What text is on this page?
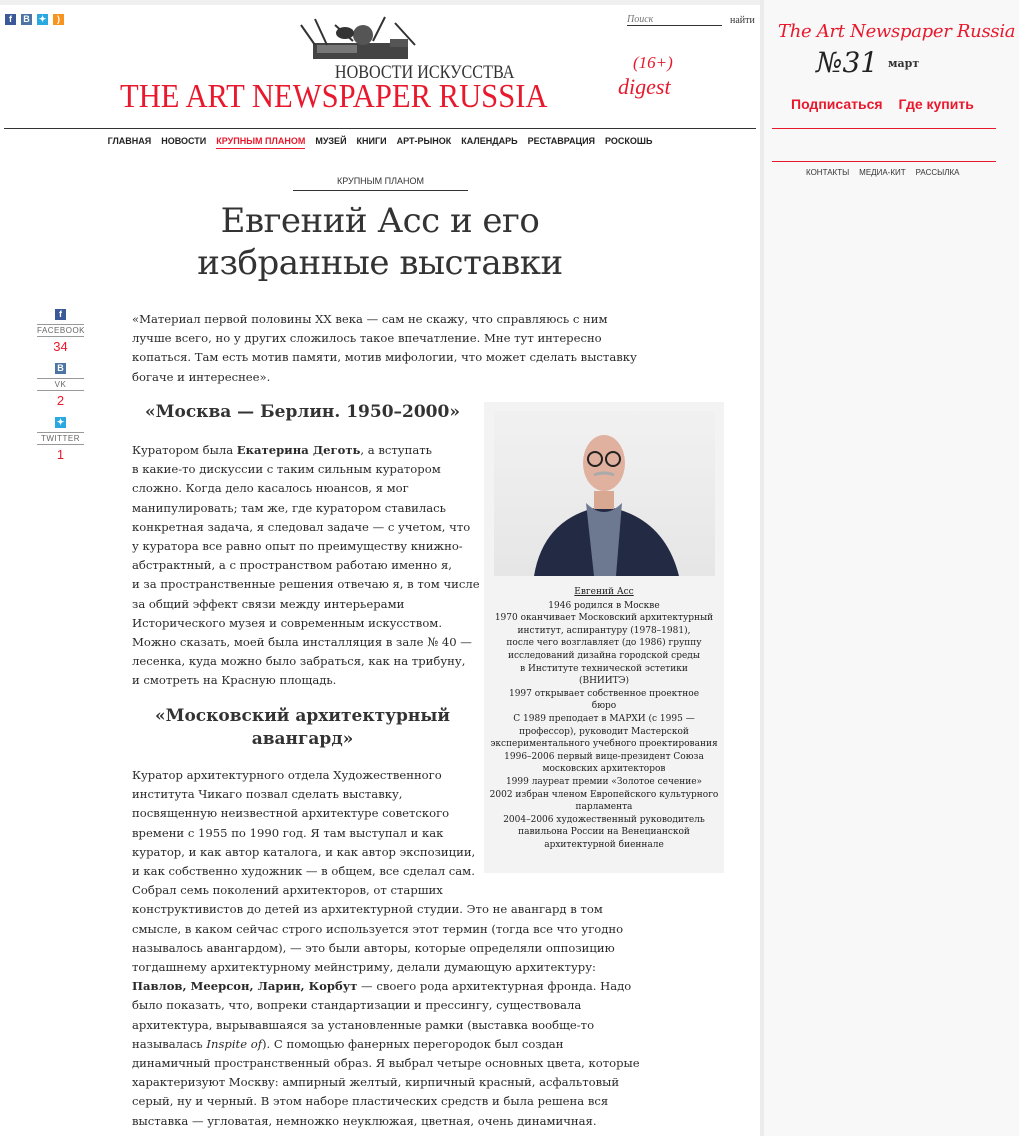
f	B ✦	)
Поиск	найти
НОВОСТИ ИСКУССТВА
THE ART NEWSPAPER RUSSIA
(16+)
digest
ГЛАВНАЯ НОВОСТИ КРУПНЫМ ПЛАНОМ МУЗЕЙ КНИГИ АРТ-РЫНОК КАЛЕНДАРЬ РЕСТАВРАЦИЯ РОСКОШЬ
КРУПНЫМ ПЛАНОМ
Евгений Асс и его
избранные выставки
f
FACEBOOK
34
B
VK
2
✦
TWITTER
1
«Материал первой половины XX века — сам не скажу, что справляюсь с ним
лучше всего, но у других сложилось такое впечатление. Мне тут интересно
копаться. Там есть мотив памяти, мотив мифологии, что может сделать выставку
богаче и интереснее».
«Москва — Берлин. 1950–2000»
Куратором была Екатерина Деготь, а вступать
в какие-то дискуссии с таким сильным куратором
сложно. Когда дело касалось нюансов, я мог
манипулировать; там же, где куратором ставилась
конкретная задача, я следовал задаче — с учетом, что
у куратора все равно опыт по преимуществу книжно-
абстрактный, а с пространством работаю именно я,
и за пространственные решения отвечаю я, в том числе
за общий эффект связи между интерьерами
Исторического музея и современным искусством.
Можно сказать, моей была инсталляция в зале № 40 —
лесенка, куда можно было забраться, как на трибуну,
и смотреть на Красную площадь.
«Московский архитектурный
авангард»
Куратор архитектурного отдела Художественного
института Чикаго позвал сделать выставку,
посвященную неизвестной архитектуре советского
времени с 1955 по 1990 год. Я там выступал и как
куратор, и как автор каталога, и как автор экспозиции,
и как собственно художник — в общем, все сделал сам.
Собрал семь поколений архитекторов, от старших
конструктивистов до детей из архитектурной студии. Это не авангард в том
смысле, в каком сейчас строго используется этот термин (тогда все что угодно
называлось авангардом), — это были авторы, которые определяли оппозицию
тогдашнему архитектурному мейнстриму, делали думающую архитектуру:
Павлов, Меерсон, Ларин, Корбут — своего рода архитектурная фронда. Надо
было показать, что, вопреки стандартизации и прессингу, существовала
архитектура, вырывавшаяся за установленные рамки (выставка вообще-то
называлась Inspite of). С помощью фанерных перегородок был создан
динамичный пространственный образ. Я выбрал четыре основных цвета, которые
характеризуют Москву: ампирный желтый, кирпичный красный, асфальтовый
серый, ну и черный. В этом наборе пластических средств и была решена вся
выставка — угловатая, немножко неуклюжая, цветная, очень динамичная.
Евгений Асс
1946 родился в Москве
1970 оканчивает Московский архитектурный
институт, аспирантуру (1978–1981),
после чего возглавляет (до 1986) группу
исследований дизайна городской среды
в Институте технической эстетики
(ВНИИТЭ)
1997 открывает собственное проектное
бюро
С 1989 преподает в МАРХИ (с 1995 —
профессор), руководит Мастерской
экспериментального учебного проектирования
1996–2006 первый вице-президент Союза
московских архитекторов
1999 лауреат премии «Золотое сечение»
2002 избран членом Европейского культурного
парламента
2004–2006 художественный руководитель
павильона России на Венецианской
архитектурной биеннале
The Art Newspaper Russia
№31 март
Подписаться Где купить
КОНТАКТЫ МЕДИА-КИТ РАССЫЛКА
